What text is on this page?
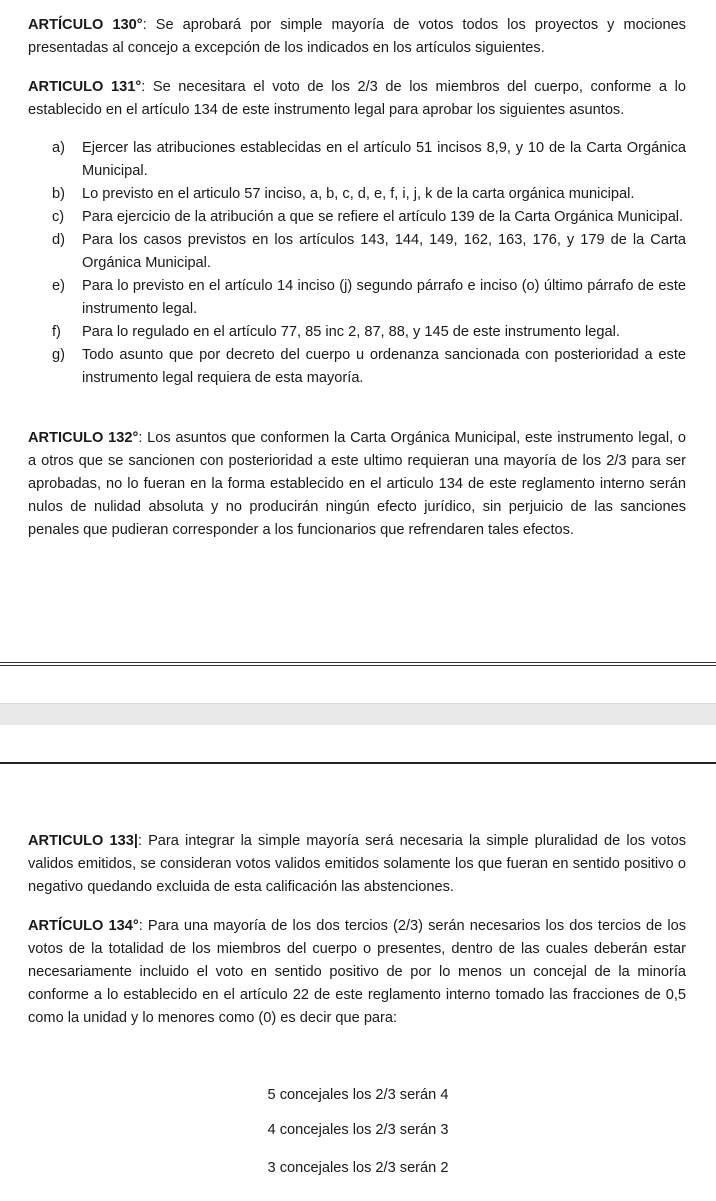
ARTÍCULO 130°: Se aprobará por simple mayoría de votos todos los proyectos y mociones presentadas al concejo a excepción de los indicados en los artículos siguientes.

ARTICULO 131°: Se necesitara el voto de los 2/3 de los miembros del cuerpo, conforme a lo establecido en el artículo 134 de este instrumento legal para aprobar los siguientes asuntos.

a) Ejercer las atribuciones establecidas en el artículo 51 incisos 8,9, y 10 de la Carta Orgánica Municipal.
b) Lo previsto en el articulo 57 inciso, a, b, c, d, e, f, i, j, k de la carta orgánica municipal.
c) Para ejercicio de la atribución a que se refiere el artículo 139 de la Carta Orgánica Municipal.
d) Para los casos previstos en los artículos 143, 144, 149, 162, 163, 176, y 179 de la Carta Orgánica Municipal.
e) Para lo previsto en el artículo 14 inciso (j) segundo párrafo e inciso (o) último párrafo de este instrumento legal.
f) Para lo regulado en el artículo 77, 85 inc 2, 87, 88, y 145 de este instrumento legal.
g) Todo asunto que por decreto del cuerpo u ordenanza sancionada con posterioridad a este instrumento legal requiera de esta mayoría.

ARTICULO 132°: Los asuntos que conformen la Carta Orgánica Municipal, este instrumento legal, o a otros que se sancionen con posterioridad a este ultimo requieran una mayoría de los 2/3 para ser aprobadas, no lo fueran en la forma establecido en el articulo 134 de este reglamento interno serán nulos de nulidad absoluta y no producirán ningún efecto jurídico, sin perjuicio de las sanciones penales que pudieran corresponder a los funcionarios que refrendaren tales efectos.

ARTICULO 133|: Para integrar la simple mayoría será necesaria la simple pluralidad de los votos validos emitidos, se consideran votos validos emitidos solamente los que fueran en sentido positivo o negativo quedando excluida de esta calificación las abstenciones.

ARTÍCULO 134°: Para una mayoría de los dos tercios (2/3) serán necesarios los dos tercios de los votos de la totalidad de los miembros del cuerpo o presentes, dentro de las cuales deberán estar necesariamente incluido el voto en sentido positivo de por lo menos un concejal de la minoría conforme a lo establecido en el artículo 22 de este reglamento interno tomado las fracciones de 0,5 como la unidad y lo menores como (0) es decir que para:

5 concejales los 2/3 serán 4
4 concejales los 2/3 serán 3
3 concejales los 2/3 serán 2
